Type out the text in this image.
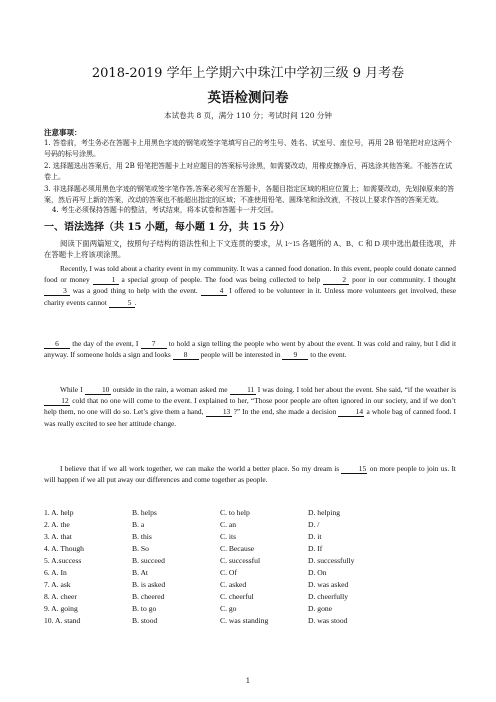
2018-2019 学年上学期六中珠江中学初三级 9 月考卷
英语检测问卷
本试卷共 8 页，满分 110 分；考试时间 120 分钟
注意事项：
1. 答卷前，考生务必在答题卡上用黑色字迹的钢笔或签字笔填写自己的考生号、姓名、试室号、座位号，再用 2B 铅笔把对应这两个号码的标号涂黑。
2. 选择题选出答案后，用 2B 铅笔把答题卡上对应题目的答案标号涂黑，如需要改动，用橡皮擦净后，再选涂其他答案。不能答在试卷上。
3. 非选择题必须用黑色字迹的钢笔或签字笔作答,答案必须写在答题卡，各题目指定区域的相应位置上；如需要改动，先划掉原来的答案，然后再写上新的答案，改动的答案也不能超出指定的区域；不准使用铅笔、圆珠笔和涂改液，不按以上要求作答的答案无效。
4. 考生必须保持答题卡的整洁，考试结束，将本试卷和答题卡一并交回。
一、语法选择（共 15 小题，每小题 1 分，共 15 分）
阅读下面两篇短文，按照句子结构的语法性和上下文连贯的要求，从 1~15 各题所的 A、B、C 和 D 项中选出最佳选项，并在答题卡上将该项涂黑。
Recently, I was told about a charity event in my community. It was a canned food donation. In this event, people could donate canned food or money	1 a special group of people. The food was being collected to help	2 poor in our community. I thought 3 was a good thing to help with the event.	4 I offered to be volunteer in it. Unless more volunteers get involved, these charity events cannot	5 .
6 the day of the event, I 7 to hold a sign telling the people who went by about the event. It was cold and rainy, but I did it anyway. If someone holds a sign and looks 8 people will be interested in 9 to the event.
While I	10 outside in the rain, a woman asked me	11 I was doing. I told her about the event. She said, “if the weather is 12 cold that no one will come to the event. I explained to her, “Those poor people are often ignored in our society, and if we don’t help them, no one will do so. Let’s give them a hand,	13 ?” In the end, she made a decision	14 a whole bag of canned food. I was really excited to see her attitude change.
I believe that if we all work together, we can make the world a better place. So my dream is	15 on more people to join us. It will happen if we all put away our differences and come together as people.
1. A. help	B. helps	C. to help	D. helping
2. A. the	B. a	C. an	D. /
3. A. that	B. this	C. its	D. it
4. A. Though	B. So	C. Because	D. If
5. A.success	B. succeed	C. successful	D. successfully
6. A. In	B. At	C. Of	D. On
7. A. ask	B. is asked	C. asked	D. was asked
8. A. cheer	B. cheered	C. cheerful	D. cheerfully
9. A. going	B. to go	C. go	D. gone
10. A. stand	B. stood	C. was standing	D. was stood
1
